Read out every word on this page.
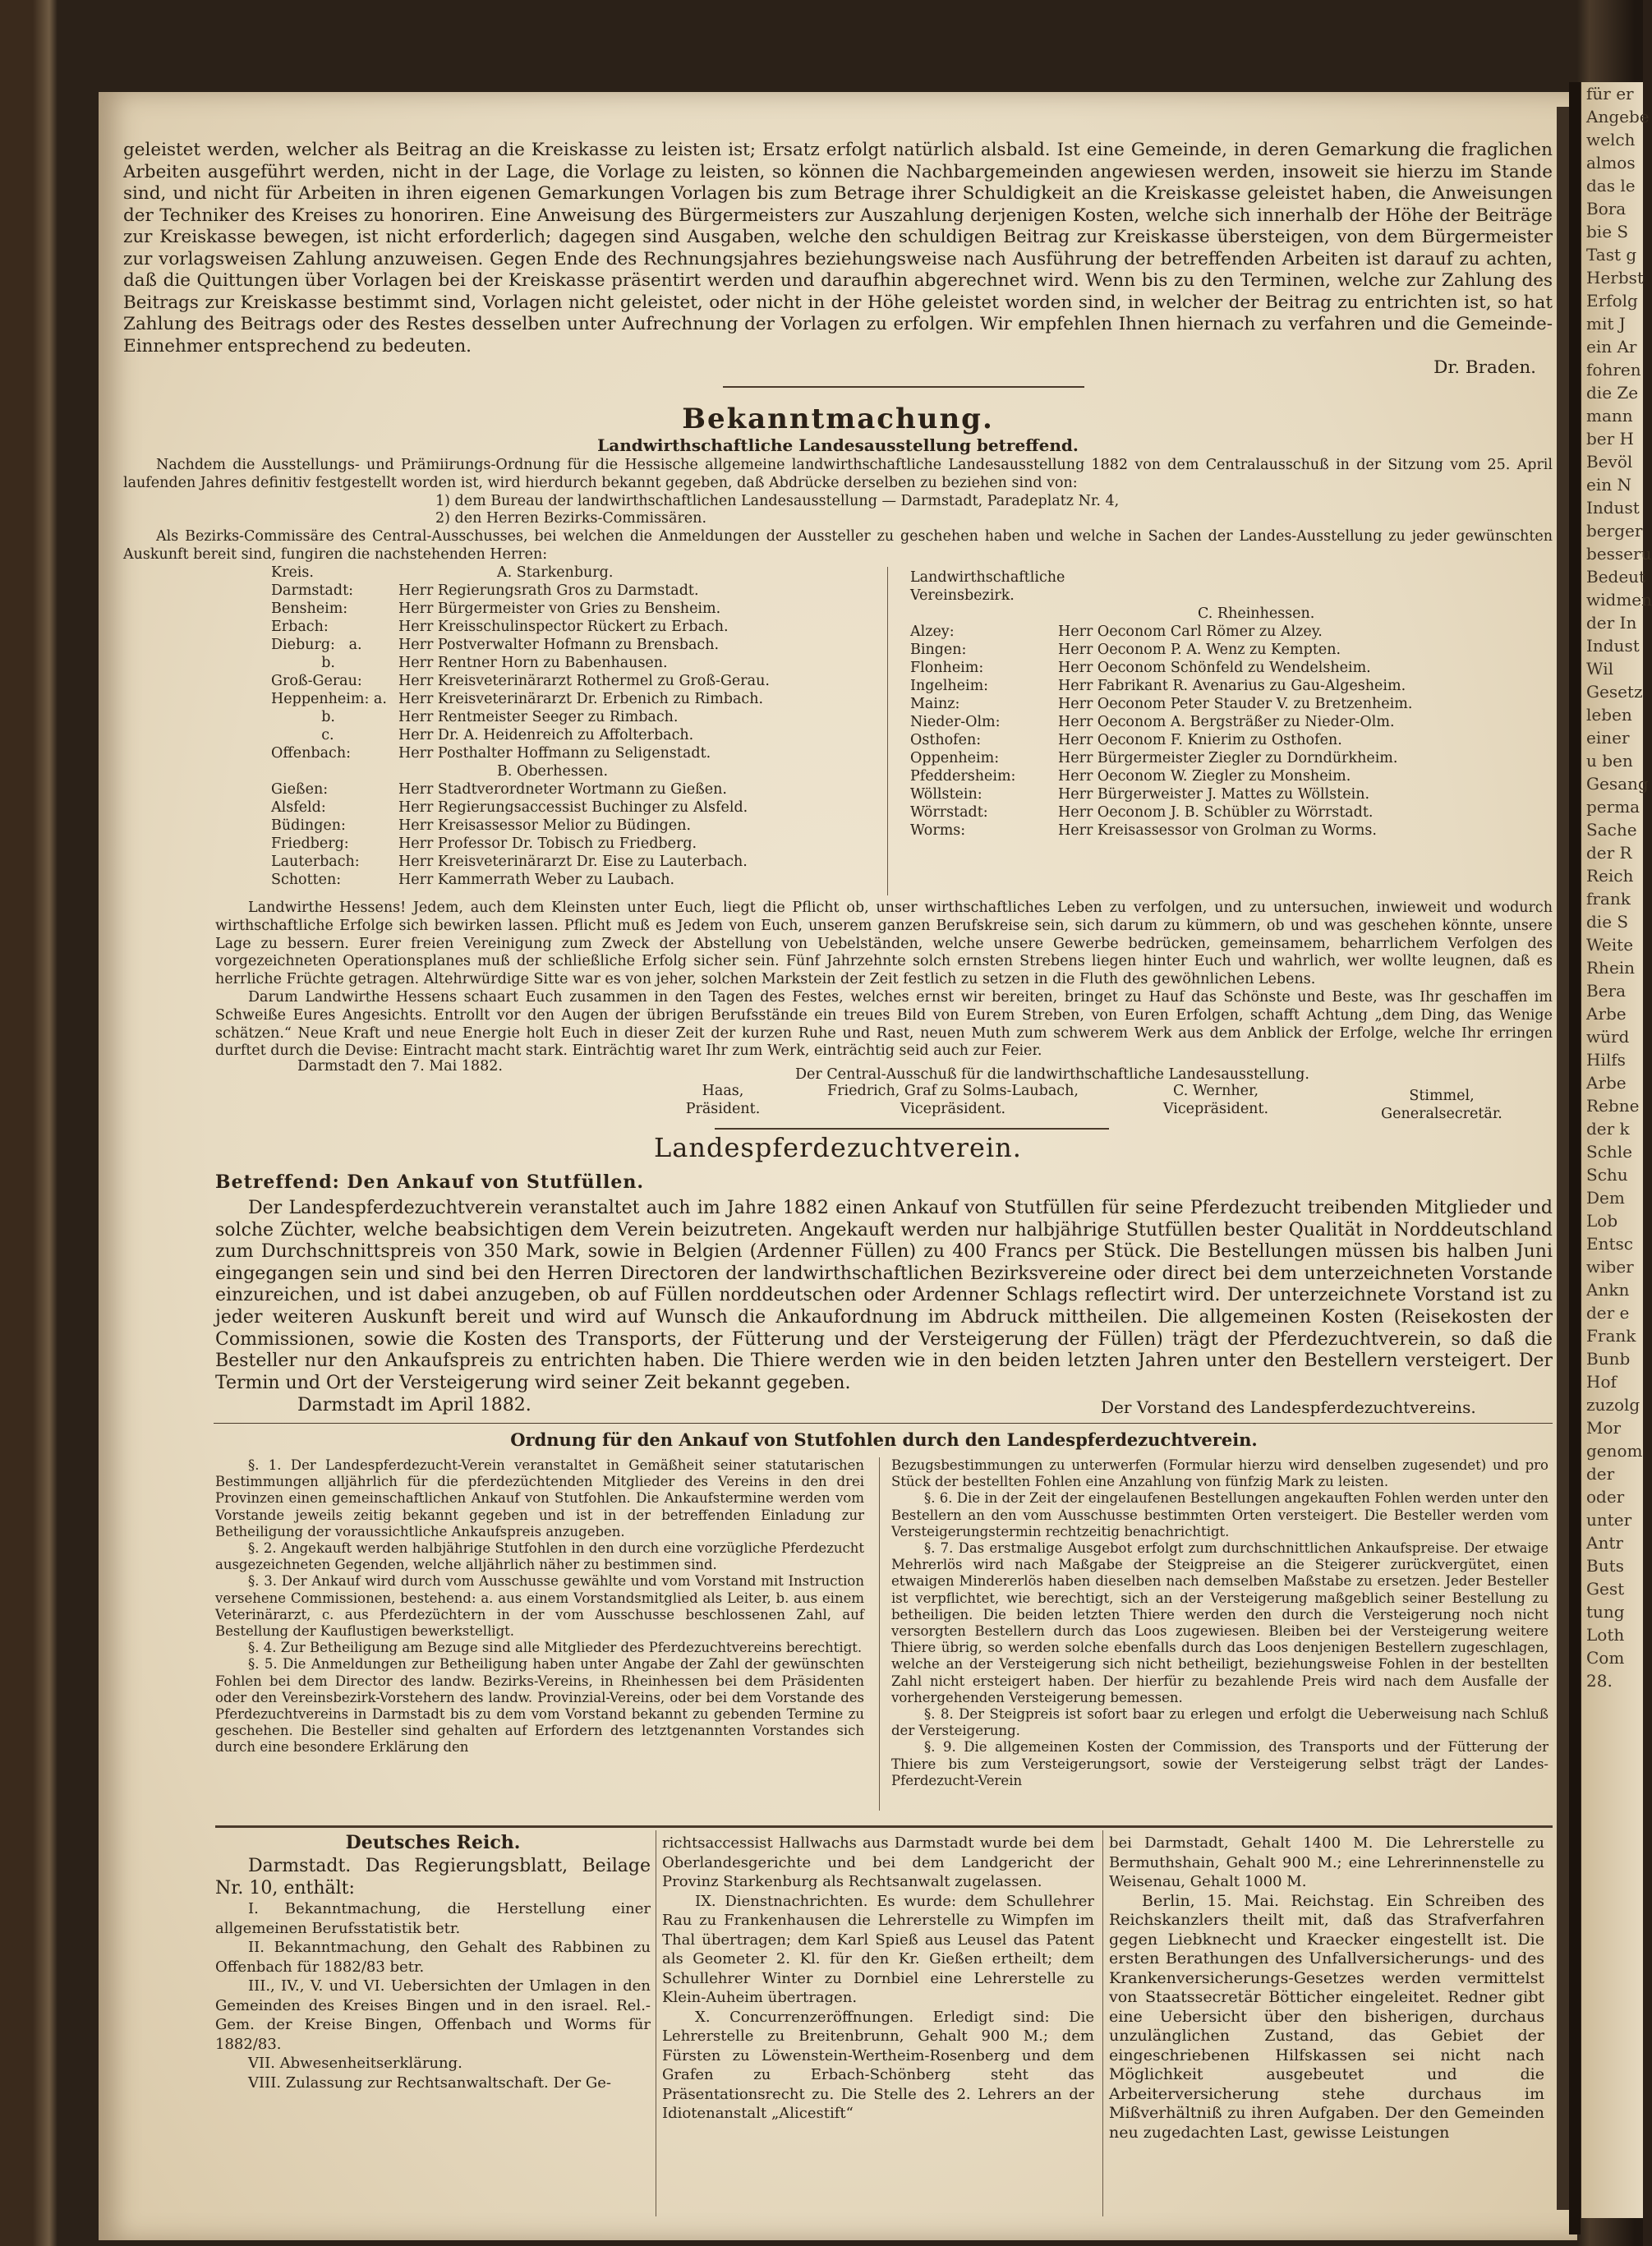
für er
Angebe
welch
almos
das le
Bora
bie S
Tast g
Herbst
Erfolg
mit J
ein Ar
fohren
die Ze
mann
ber H
Bevöl
ein N
Indust
berger
besseru
Bedeut
widmen
der In
Indust
Wil
Gesetz
leben
einer
u ben
Gesang
perma
Sache
der R
Reich
frank
die S
Weite
Rhein
Bera
Arbe
würd
Hilfs
Arbe
Rebne
der k
Schle
Schu
Dem
Lob
Entsc
wiber
Ankn
der e
Frank
Bunb
Hof
zuzolg
Mor
genom
der
oder
unter
Antr
Buts
Gest
tung
Loth
Com
28.

geleistet werden, welcher als Beitrag an die Kreiskasse zu leisten ist; Ersatz erfolgt natürlich alsbald. Ist eine Gemeinde, in deren Gemarkung die fraglichen Arbeiten ausgeführt werden, nicht in der Lage, die Vorlage zu leisten, so können die Nachbargemeinden angewiesen werden, insoweit sie hierzu im Stande sind, und nicht für Arbeiten in ihren eigenen Gemarkungen Vorlagen bis zum Betrage ihrer Schuldigkeit an die Kreiskasse geleistet haben, die Anweisungen der Techniker des Kreises zu honoriren. Eine Anweisung des Bürgermeisters zur Auszahlung derjenigen Kosten, welche sich innerhalb der Höhe der Beiträge zur Kreiskasse bewegen, ist nicht erforderlich; dagegen sind Ausgaben, welche den schuldigen Beitrag zur Kreiskasse übersteigen, von dem Bürgermeister zur vorlagsweisen Zahlung anzuweisen. Gegen Ende des Rechnungsjahres beziehungsweise nach Ausführung der betreffenden Arbeiten ist darauf zu achten, daß die Quittungen über Vorlagen bei der Kreiskasse präsentirt werden und daraufhin abgerechnet wird. Wenn bis zu den Terminen, welche zur Zahlung des Beitrags zur Kreiskasse bestimmt sind, Vorlagen nicht geleistet, oder nicht in der Höhe geleistet worden sind, in welcher der Beitrag zu entrichten ist, so hat Zahlung des Beitrags oder des Restes desselben unter Aufrechnung der Vorlagen zu erfolgen. Wir empfehlen Ihnen hiernach zu verfahren und die Gemeinde-Einnehmer entsprechend zu bedeuten.

Dr. Braden.

Bekanntmachung.
Landwirthschaftliche Landesausstellung betreffend.

Nachdem die Ausstellungs- und Prämiirungs-Ordnung für die Hessische allgemeine landwirthschaftliche Landesausstellung 1882 von dem Centralausschuß in der Sitzung vom 25. April laufenden Jahres definitiv festgestellt worden ist, wird hierdurch bekannt gegeben, daß Abdrücke derselben zu beziehen sind von:

1) dem Bureau der landwirthschaftlichen Landesausstellung — Darmstadt, Paradeplatz Nr. 4,

2) den Herren Bezirks-Commissären.

Als Bezirks-Commissäre des Central-Ausschusses, bei welchen die Anmeldungen der Aussteller zu geschehen haben und welche in Sachen der Landes-Ausstellung zu jeder gewünschten Auskunft bereit sind, fungiren die nachstehenden Herren:

Kreis.	A. Starkenburg.
Darmstadt:	Herr Regierungsrath Gros zu Darmstadt.
Bensheim:	Herr Bürgermeister von Gries zu Bensheim.
Erbach:	Herr Kreisschulinspector Rückert zu Erbach.
Dieburg:   a.	Herr Postverwalter Hofmann zu Brensbach.
b.	Herr Rentner Horn zu Babenhausen.
Groß-Gerau:	Herr Kreisveterinärarzt Rothermel zu Groß-Gerau.
Heppenheim: a. Herr Kreisveterinärarzt Dr. Erbenich zu Rimbach.
b.	Herr Rentmeister Seeger zu Rimbach.
c.	Herr Dr. A. Heidenreich zu Affolterbach.
Offenbach:	Herr Posthalter Hoffmann zu Seligenstadt.
B. Oberhessen.
Gießen:	Herr Stadtverordneter Wortmann zu Gießen.
Alsfeld:	Herr Regierungsaccessist Buchinger zu Alsfeld.
Büdingen:	Herr Kreisassessor Melior zu Büdingen.
Friedberg:	Herr Professor Dr. Tobisch zu Friedberg.
Lauterbach:	Herr Kreisveterinärarzt Dr. Eise zu Lauterbach.
Schotten:	Herr Kammerrath Weber zu Laubach.
Landwirthschaftliche
Vereinsbezirk.
C. Rheinhessen.
Alzey:	Herr Oeconom Carl Römer zu Alzey.
Bingen:	Herr Oeconom P. A. Wenz zu Kempten.
Flonheim:	Herr Oeconom Schönfeld zu Wendelsheim.
Ingelheim:	Herr Fabrikant R. Avenarius zu Gau-Algesheim.
Mainz:	Herr Oeconom Peter Stauder V. zu Bretzenheim.
Nieder-Olm:	Herr Oeconom A. Bergsträßer zu Nieder-Olm.
Osthofen:	Herr Oeconom F. Knierim zu Osthofen.
Oppenheim:	Herr Bürgermeister Ziegler zu Dorndürkheim.
Pfeddersheim:	Herr Oeconom W. Ziegler zu Monsheim.
Wöllstein:	Herr Bürgerweister J. Mattes zu Wöllstein.
Wörrstadt:	Herr Oeconom J. B. Schübler zu Wörrstadt.
Worms:	Herr Kreisassessor von Grolman zu Worms.

Landwirthe Hessens! Jedem, auch dem Kleinsten unter Euch, liegt die Pflicht ob, unser wirthschaftliches Leben zu verfolgen, und zu untersuchen, inwieweit und wodurch wirthschaftliche Erfolge sich bewirken lassen. Pflicht muß es Jedem von Euch, unserem ganzen Berufskreise sein, sich darum zu kümmern, ob und was geschehen könnte, unsere Lage zu bessern. Eurer freien Vereinigung zum Zweck der Abstellung von Uebelständen, welche unsere Gewerbe bedrücken, gemeinsamem, beharrlichem Verfolgen des vorgezeichneten Operationsplanes muß der schließliche Erfolg sicher sein. Fünf Jahrzehnte solch ernsten Strebens liegen hinter Euch und wahrlich, wer wollte leugnen, daß es herrliche Früchte getragen. Altehrwürdige Sitte war es von jeher, solchen Markstein der Zeit festlich zu setzen in die Fluth des gewöhnlichen Lebens.

Darum Landwirthe Hessens schaart Euch zusammen in den Tagen des Festes, welches ernst wir bereiten, bringet zu Hauf das Schönste und Beste, was Ihr geschaffen im Schweiße Eures Angesichts. Entrollt vor den Augen der übrigen Berufsstände ein treues Bild von Eurem Streben, von Euren Erfolgen, schafft Achtung „dem Ding, das Wenige schätzen.“ Neue Kraft und neue Energie holt Euch in dieser Zeit der kurzen Ruhe und Rast, neuen Muth zum schwerem Werk aus dem Anblick der Erfolge, welche Ihr erringen durftet durch die Devise: Eintracht macht stark. Einträchtig waret Ihr zum Werk, einträchtig seid auch zur Feier.

Darmstadt den 7. Mai 1882.	Der Central-Ausschuß für die landwirthschaftliche Landesausstellung.
Haas,
Präsident.
Friedrich, Graf zu Solms-Laubach,
Vicepräsident.
C. Wernher,
Vicepräsident.
Stimmel,
Generalsecretär.
Landespferdezuchtverein.
Betreffend: Den Ankauf von Stutfüllen.

Der Landespferdezuchtverein veranstaltet auch im Jahre 1882 einen Ankauf von Stutfüllen für seine Pferdezucht treibenden Mitglieder und solche Züchter, welche beabsichtigen dem Verein beizutreten. Angekauft werden nur halbjährige Stutfüllen bester Qualität in Norddeutschland zum Durchschnittspreis von 350 Mark, sowie in Belgien (Ardenner Füllen) zu 400 Francs per Stück. Die Bestellungen müssen bis halben Juni eingegangen sein und sind bei den Herren Directoren der landwirthschaftlichen Bezirksvereine oder direct bei dem unterzeichneten Vorstande einzureichen, und ist dabei anzugeben, ob auf Füllen norddeutschen oder Ardenner Schlags reflectirt wird. Der unterzeichnete Vorstand ist zu jeder weiteren Auskunft bereit und wird auf Wunsch die Ankaufordnung im Abdruck mittheilen. Die allgemeinen Kosten (Reisekosten der Commissionen, sowie die Kosten des Transports, der Fütterung und der Versteigerung der Füllen) trägt der Pferdezuchtverein, so daß die Besteller nur den Ankaufspreis zu entrichten haben. Die Thiere werden wie in den beiden letzten Jahren unter den Bestellern versteigert. Der Termin und Ort der Versteigerung wird seiner Zeit bekannt gegeben.

Darmstadt im April 1882.	Der Vorstand des Landespferdezuchtvereins.
Ordnung für den Ankauf von Stutfohlen durch den Landespferdezuchtverein.

§. 1. Der Landespferdezucht-Verein veranstaltet in Gemäßheit seiner statutarischen Bestimmungen alljährlich für die pferdezüchtenden Mitglieder des Vereins in den drei Provinzen einen gemeinschaftlichen Ankauf von Stutfohlen. Die Ankaufstermine werden vom Vorstande jeweils zeitig bekannt gegeben und ist in der betreffenden Einladung zur Betheiligung der voraussichtliche Ankaufspreis anzugeben.

§. 2. Angekauft werden halbjährige Stutfohlen in den durch eine vorzügliche Pferdezucht ausgezeichneten Gegenden, welche alljährlich näher zu bestimmen sind.

§. 3. Der Ankauf wird durch vom Ausschusse gewählte und vom Vorstand mit Instruction versehene Commissionen, bestehend: a. aus einem Vorstandsmitglied als Leiter, b. aus einem Veterinärarzt, c. aus Pferdezüchtern in der vom Ausschusse beschlossenen Zahl, auf Bestellung der Kauflustigen bewerkstelligt.

§. 4. Zur Betheiligung am Bezuge sind alle Mitglieder des Pferdezuchtvereins berechtigt.

§. 5. Die Anmeldungen zur Betheiligung haben unter Angabe der Zahl der gewünschten Fohlen bei dem Director des landw. Bezirks-Vereins, in Rheinhessen bei dem Präsidenten oder den Vereinsbezirk-Vorstehern des landw. Provinzial-Vereins, oder bei dem Vorstande des Pferdezuchtvereins in Darmstadt bis zu dem vom Vorstand bekannt zu gebenden Termine zu geschehen. Die Besteller sind gehalten auf Erfordern des letztgenannten Vorstandes sich durch eine besondere Erklärung den

Bezugsbestimmungen zu unterwerfen (Formular hierzu wird denselben zugesendet) und pro Stück der bestellten Fohlen eine Anzahlung von fünfzig Mark zu leisten.

§. 6. Die in der Zeit der eingelaufenen Bestellungen angekauften Fohlen werden unter den Bestellern an den vom Ausschusse bestimmten Orten versteigert. Die Besteller werden vom Versteigerungstermin rechtzeitig benachrichtigt.

§. 7. Das erstmalige Ausgebot erfolgt zum durchschnittlichen Ankaufspreise. Der etwaige Mehrerlös wird nach Maßgabe der Steigpreise an die Steigerer zurückvergütet, einen etwaigen Mindererlös haben dieselben nach demselben Maßstabe zu ersetzen. Jeder Besteller ist verpflichtet, wie berechtigt, sich an der Versteigerung maßgeblich seiner Bestellung zu betheiligen. Die beiden letzten Thiere werden den durch die Versteigerung noch nicht versorgten Bestellern durch das Loos zugewiesen. Bleiben bei der Versteigerung weitere Thiere übrig, so werden solche ebenfalls durch das Loos denjenigen Bestellern zugeschlagen, welche an der Versteigerung sich nicht betheiligt, beziehungsweise Fohlen in der bestellten Zahl nicht ersteigert haben. Der hierfür zu bezahlende Preis wird nach dem Ausfalle der vorhergehenden Versteigerung bemessen.

§. 8. Der Steigpreis ist sofort baar zu erlegen und erfolgt die Ueberweisung nach Schluß der Versteigerung.

§. 9. Die allgemeinen Kosten der Commission, des Transports und der Fütterung der Thiere bis zum Versteigerungsort, sowie der Versteigerung selbst trägt der Landes-Pferdezucht-Verein

Deutsches Reich.

Darmstadt. Das Regierungsblatt, Beilage Nr. 10, enthält:

I. Bekanntmachung, die Herstellung einer allgemeinen Berufsstatistik betr.

II. Bekanntmachung, den Gehalt des Rabbinen zu Offenbach für 1882/83 betr.

III., IV., V. und VI. Uebersichten der Umlagen in den Gemeinden des Kreises Bingen und in den israel. Rel.-Gem. der Kreise Bingen, Offenbach und Worms für 1882/83.

VII. Abwesenheitserklärung.

VIII. Zulassung zur Rechtsanwaltschaft. Der Ge-

richtsaccessist Hallwachs aus Darmstadt wurde bei dem Oberlandesgerichte und bei dem Landgericht der Provinz Starkenburg als Rechtsanwalt zugelassen.

IX. Dienstnachrichten. Es wurde: dem Schullehrer Rau zu Frankenhausen die Lehrerstelle zu Wimpfen im Thal übertragen; dem Karl Spieß aus Leusel das Patent als Geometer 2. Kl. für den Kr. Gießen ertheilt; dem Schullehrer Winter zu Dornbiel eine Lehrerstelle zu Klein-Auheim übertragen.

X. Concurrenzeröffnungen. Erledigt sind: Die Lehrerstelle zu Breitenbrunn, Gehalt 900 M.; dem Fürsten zu Löwenstein-Wertheim-Rosenberg und dem Grafen zu Erbach-Schönberg steht das Präsentationsrecht zu. Die Stelle des 2. Lehrers an der Idiotenanstalt „Alicestift“

bei Darmstadt, Gehalt 1400 M. Die Lehrerstelle zu Bermuthshain, Gehalt 900 M.; eine Lehrerinnenstelle zu Weisenau, Gehalt 1000 M.

Berlin, 15. Mai. Reichstag. Ein Schreiben des Reichskanzlers theilt mit, daß das Strafverfahren gegen Liebknecht und Kraecker eingestellt ist. Die ersten Berathungen des Unfallversicherungs- und des Krankenversicherungs-Gesetzes werden vermittelst von Staatssecretär Bötticher eingeleitet. Redner gibt eine Uebersicht über den bisherigen, durchaus unzulänglichen Zustand, das Gebiet der eingeschriebenen Hilfskassen sei nicht nach Möglichkeit ausgebeutet und die Arbeiterversicherung stehe durchaus im Mißverhältniß zu ihren Aufgaben. Der den Gemeinden neu zugedachten Last, gewisse Leistungen
